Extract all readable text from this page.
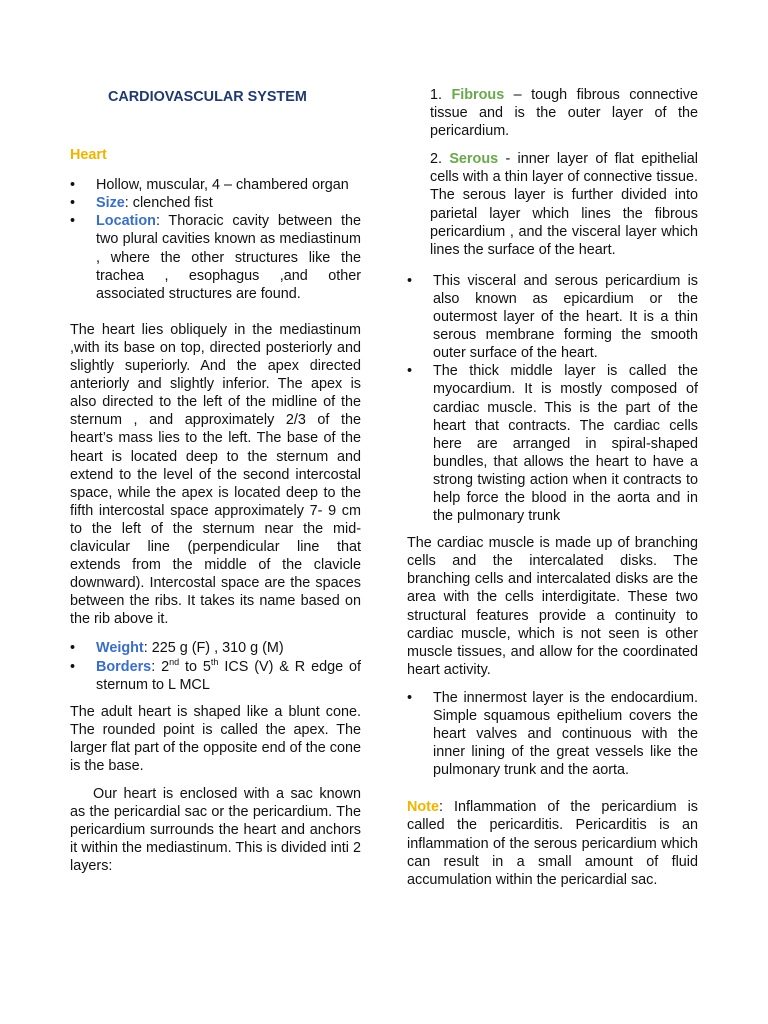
CARDIOVASCULAR SYSTEM
Heart
• Hollow, muscular, 4 – chambered organ
• Size: clenched fist
• Location: Thoracic cavity between the two plural cavities known as mediastinum , where the other structures like the trachea , esophagus ,and other associated structures are found.

The heart lies obliquely in the mediastinum ,with its base on top, directed posteriorly and slightly superiorly. And the apex directed anteriorly and slightly inferior. The apex is also directed to the left of the midline of the sternum , and approximately 2/3 of the heart’s mass lies to the left. The base of the heart is located deep to the sternum and extend to the level of the second intercostal space, while the apex is located deep to the fifth intercostal space approximately 7- 9 cm to the left of the sternum near the mid-clavicular line (perpendicular line that extends from the middle of the clavicle downward). Intercostal space are the spaces between the ribs. It takes its name based on the rib above it.

• Weight: 225 g (F) , 310 g (M)
• Borders: 2nd to 5th ICS (V) & R edge of sternum to L MCL

The adult heart is shaped like a blunt cone. The rounded point is called the apex. The larger flat part of the opposite end of the cone is the base.

Our heart is enclosed with a sac known as the pericardial sac or the pericardium. The pericardium surrounds the heart and anchors it within the mediastinum. This is divided inti 2 layers:

1. Fibrous – tough fibrous connective tissue and is the outer layer of the pericardium.

2. Serous - inner layer of flat epithelial cells with a thin layer of connective tissue. The serous layer is further divided into parietal layer which lines the fibrous pericardium , and the visceral layer which lines the surface of the heart.

• This visceral and serous pericardium is also known as epicardium or the outermost layer of the heart. It is a thin serous membrane forming the smooth outer surface of the heart.
• The thick middle layer is called the myocardium. It is mostly composed of cardiac muscle. This is the part of the heart that contracts. The cardiac cells here are arranged in spiral-shaped bundles, that allows the heart to have a strong twisting action when it contracts to help force the blood in the aorta and in the pulmonary trunk

The cardiac muscle is made up of branching cells and the intercalated disks. The branching cells and intercalated disks are the area with the cells interdigitate. These two structural features provide a continuity to cardiac muscle, which is not seen is other muscle tissues, and allow for the coordinated heart activity.

• The innermost layer is the endocardium. Simple squamous epithelium covers the heart valves and continuous with the inner lining of the great vessels like the pulmonary trunk and the aorta.

Note: Inflammation of the pericardium is called the pericarditis. Pericarditis is an inflammation of the serous pericardium which can result in a small amount of fluid accumulation within the pericardial sac.
